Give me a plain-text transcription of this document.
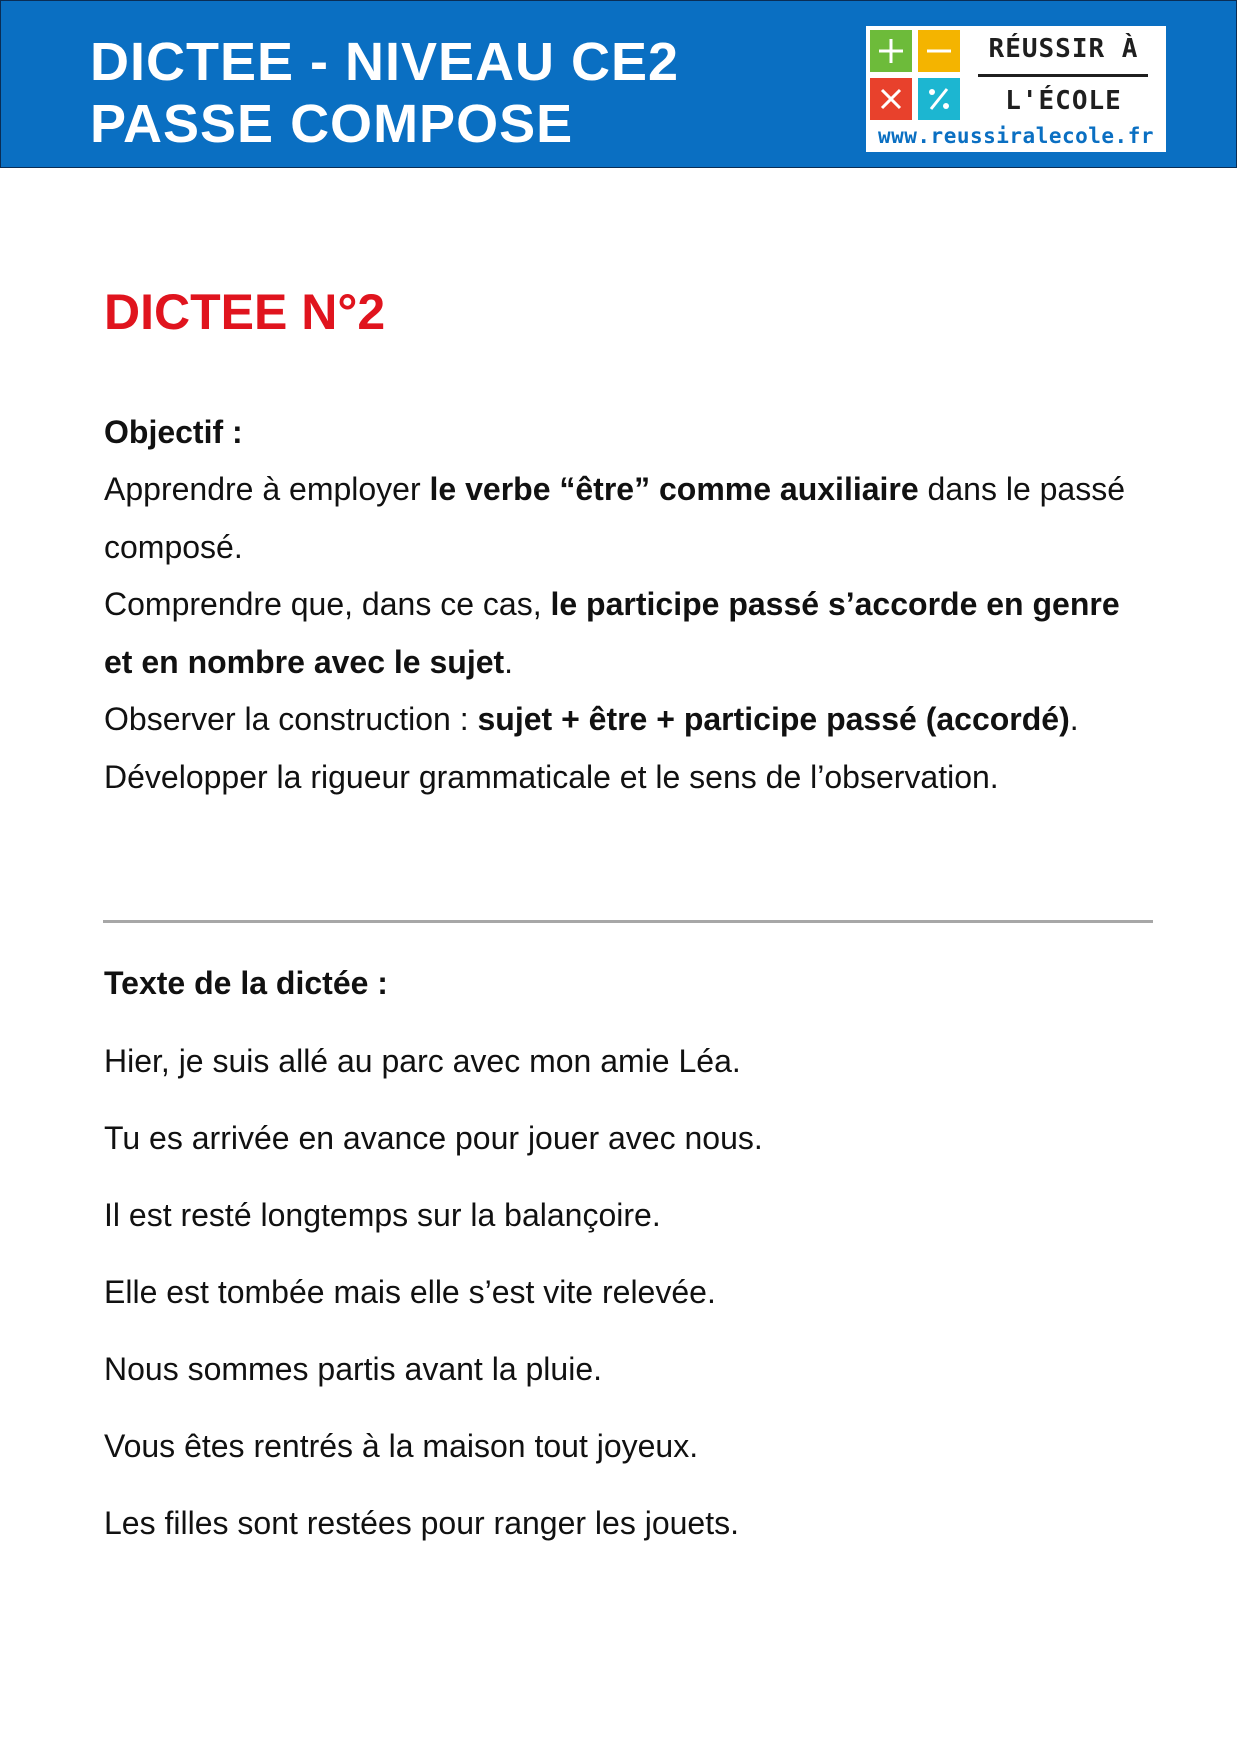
DICTEE - NIVEAU CE2
PASSE COMPOSE
RÉUSSIR À
L'ÉCOLE
www.reussiralecole.fr
DICTEE N°2
Objectif :

Apprendre à employer le verbe “être” comme auxiliaire dans le passé composé.

Comprendre que, dans ce cas, le participe passé s’accorde en genre et en nombre avec le sujet.

Observer la construction : sujet + être + participe passé (accordé).

Développer la rigueur grammaticale et le sens de l’observation.

Texte de la dictée :

Hier, je suis allé au parc avec mon amie Léa.

Tu es arrivée en avance pour jouer avec nous.

Il est resté longtemps sur la balançoire.

Elle est tombée mais elle s’est vite relevée.

Nous sommes partis avant la pluie.

Vous êtes rentrés à la maison tout joyeux.

Les filles sont restées pour ranger les jouets.
